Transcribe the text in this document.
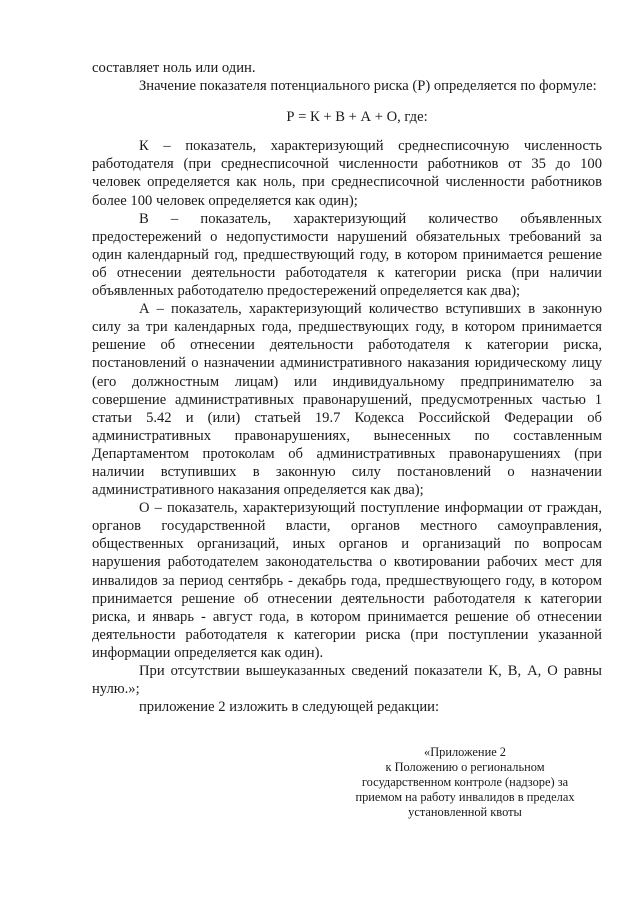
составляет ноль или один.

Значение показателя потенциального риска (Р) определяется по формуле:

Р = К + В + А + О, где:

К – показатель, характеризующий среднесписочную численность работодателя (при среднесписочной численности работников от 35 до 100 человек определяется как ноль, при среднесписочной численности работников более 100 человек определяется как один);

В – показатель, характеризующий количество объявленных предостережений о недопустимости нарушений обязательных требований за один календарный год, предшествующий году, в котором принимается решение об отнесении деятельности работодателя к категории риска (при наличии объявленных работодателю предостережений определяется как два);

А – показатель, характеризующий количество вступивших в законную силу за три календарных года, предшествующих году, в котором принимается решение об отнесении деятельности работодателя к категории риска, постановлений о назначении административного наказания юридическому лицу (его должностным лицам) или индивидуальному предпринимателю за совершение административных правонарушений, предусмотренных частью 1 статьи 5.42 и (или) статьей 19.7 Кодекса Российской Федерации об административных правонарушениях, вынесенных по составленным Департаментом протоколам об административных правонарушениях (при наличии вступивших в законную силу постановлений о назначении административного наказания определяется как два);

О – показатель, характеризующий поступление информации от граждан, органов государственной власти, органов местного самоуправления, общественных организаций, иных органов и организаций по вопросам нарушения работодателем законодательства о квотировании рабочих мест для инвалидов за период сентябрь - декабрь года, предшествующего году, в котором принимается решение об отнесении деятельности работодателя к категории риска, и январь - август года, в котором принимается решение об отнесении деятельности работодателя к категории риска (при поступлении указанной информации определяется как один).

При отсутствии вышеуказанных сведений показатели К, В, А, О равны нулю.»;

приложение 2 изложить в следующей редакции:

«Приложение 2
к Положению о региональном
государственном контроле (надзоре) за
приемом на работу инвалидов в пределах
установленной квоты
